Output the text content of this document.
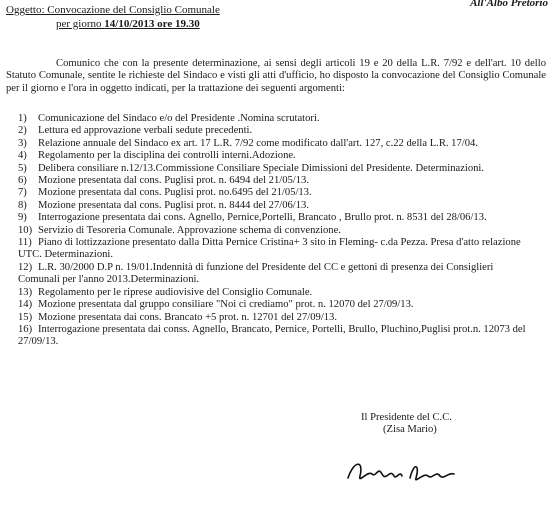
All'Albo Pretorio
Oggetto: Convocazione del Consiglio Comunale
per giorno 14/10/2013 ore 19.30
Comunico che con la presente determinazione, ai sensi degli articoli 19 e 20 della L.R. 7/92 e dell'art. 10 dello Statuto Comunale, sentite le richieste del Sindaco e visti gli atti d'ufficio, ho disposto la convocazione del Consiglio Comunale per il giorno e l'ora in oggetto indicati, per la trattazione dei seguenti argomenti:
1) Comunicazione del Sindaco e/o del Presidente .Nomina scrutatori.
2) Lettura ed approvazione verbali sedute precedenti.
3) Relazione annuale del Sindaco ex art. 17 L.R. 7/92 come modificato dall'art. 127, c.22 della L.R. 17/04.
4) Regolamento per la disciplina dei controlli interni.Adozione.
5) Delibera consiliare n.12/13.Commissione Consiliare Speciale Dimissioni del Presidente. Determinazioni.
6) Mozione presentata dal cons. Puglisi prot. n. 6494 del 21/05/13.
7) Mozione presentata dal cons. Puglisi prot. no.6495 del 21/05/13.
8) Mozione presentata dal cons. Puglisi prot. n. 8444 del 27/06/13.
9) Interrogazione presentata dai cons. Agnello, Pernice,Portelli, Brancato , Brullo prot. n. 8531 del 28/06/13.
10) Servizio di Tesoreria Comunale. Approvazione schema di convenzione.
11) Piano di lottizzazione presentato dalla Ditta Pernice Cristina+ 3 sito in Fleming- c.da Pezza. Presa d'atto relazione UTC. Determinazioni.
12) L.R. 30/2000 D.P n. 19/01.Indennità di funzione del Presidente del CC e gettoni di presenza dei Consiglieri Comunali per l'anno 2013.Determinazioni.
13) Regolamento per le riprese audiovisive del Consiglio Comunale.
14) Mozione presentata dal gruppo consiliare "Noi ci crediamo" prot. n. 12070 del 27/09/13.
15) Mozione presentata dai cons. Brancato +5 prot. n. 12701 del 27/09/13.
16) Interrogazione presentata dai conss. Agnello, Brancato, Pernice, Portelli, Brullo, Pluchino,Puglisi prot.n. 12073 del 27/09/13.
Il Presidente del C.C.
(Zisa Mario)
